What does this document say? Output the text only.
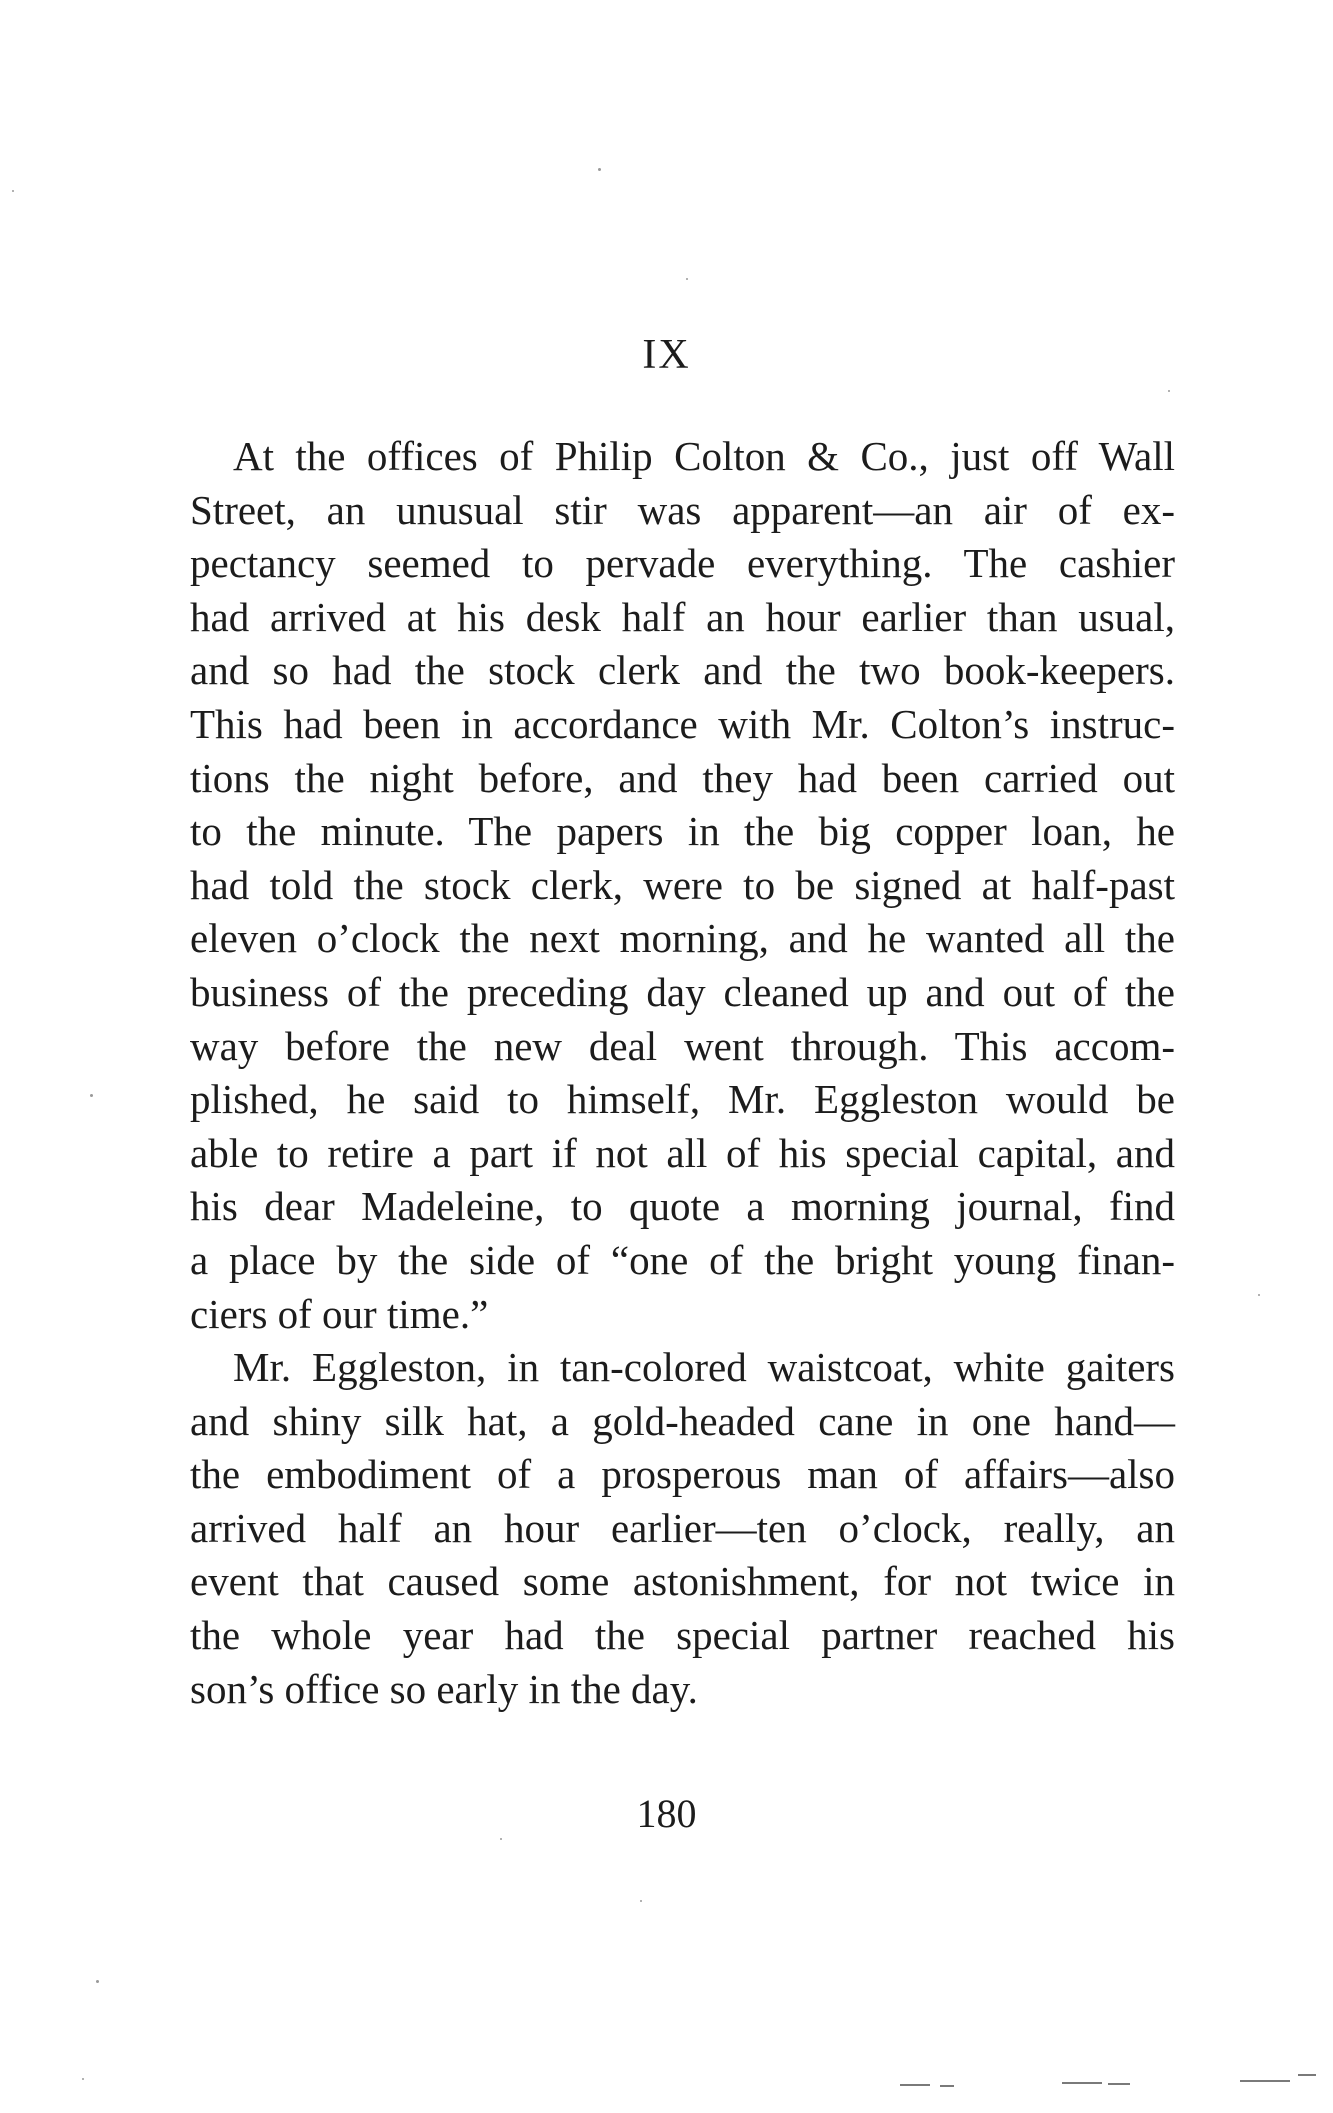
IX
At the offices of Philip Colton & Co., just off Wall
Street, an unusual stir was apparent—an air of ex-
pectancy seemed to pervade everything. The cashier
had arrived at his desk half an hour earlier than usual,
and so had the stock clerk and the two book-keepers.
This had been in accordance with Mr. Colton’s instruc-
tions the night before, and they had been carried out
to the minute. The papers in the big copper loan, he
had told the stock clerk, were to be signed at half-past
eleven o’clock the next morning, and he wanted all the
business of the preceding day cleaned up and out of the
way before the new deal went through. This accom-
plished, he said to himself, Mr. Eggleston would be
able to retire a part if not all of his special capital, and
his dear Madeleine, to quote a morning journal, find
a place by the side of “one of the bright young finan-
ciers of our time.”
Mr. Eggleston, in tan-colored waistcoat, white gaiters
and shiny silk hat, a gold-headed cane in one hand—
the embodiment of a prosperous man of affairs—also
arrived half an hour earlier—ten o’clock, really, an
event that caused some astonishment, for not twice in
the whole year had the special partner reached his
son’s office so early in the day.
180
